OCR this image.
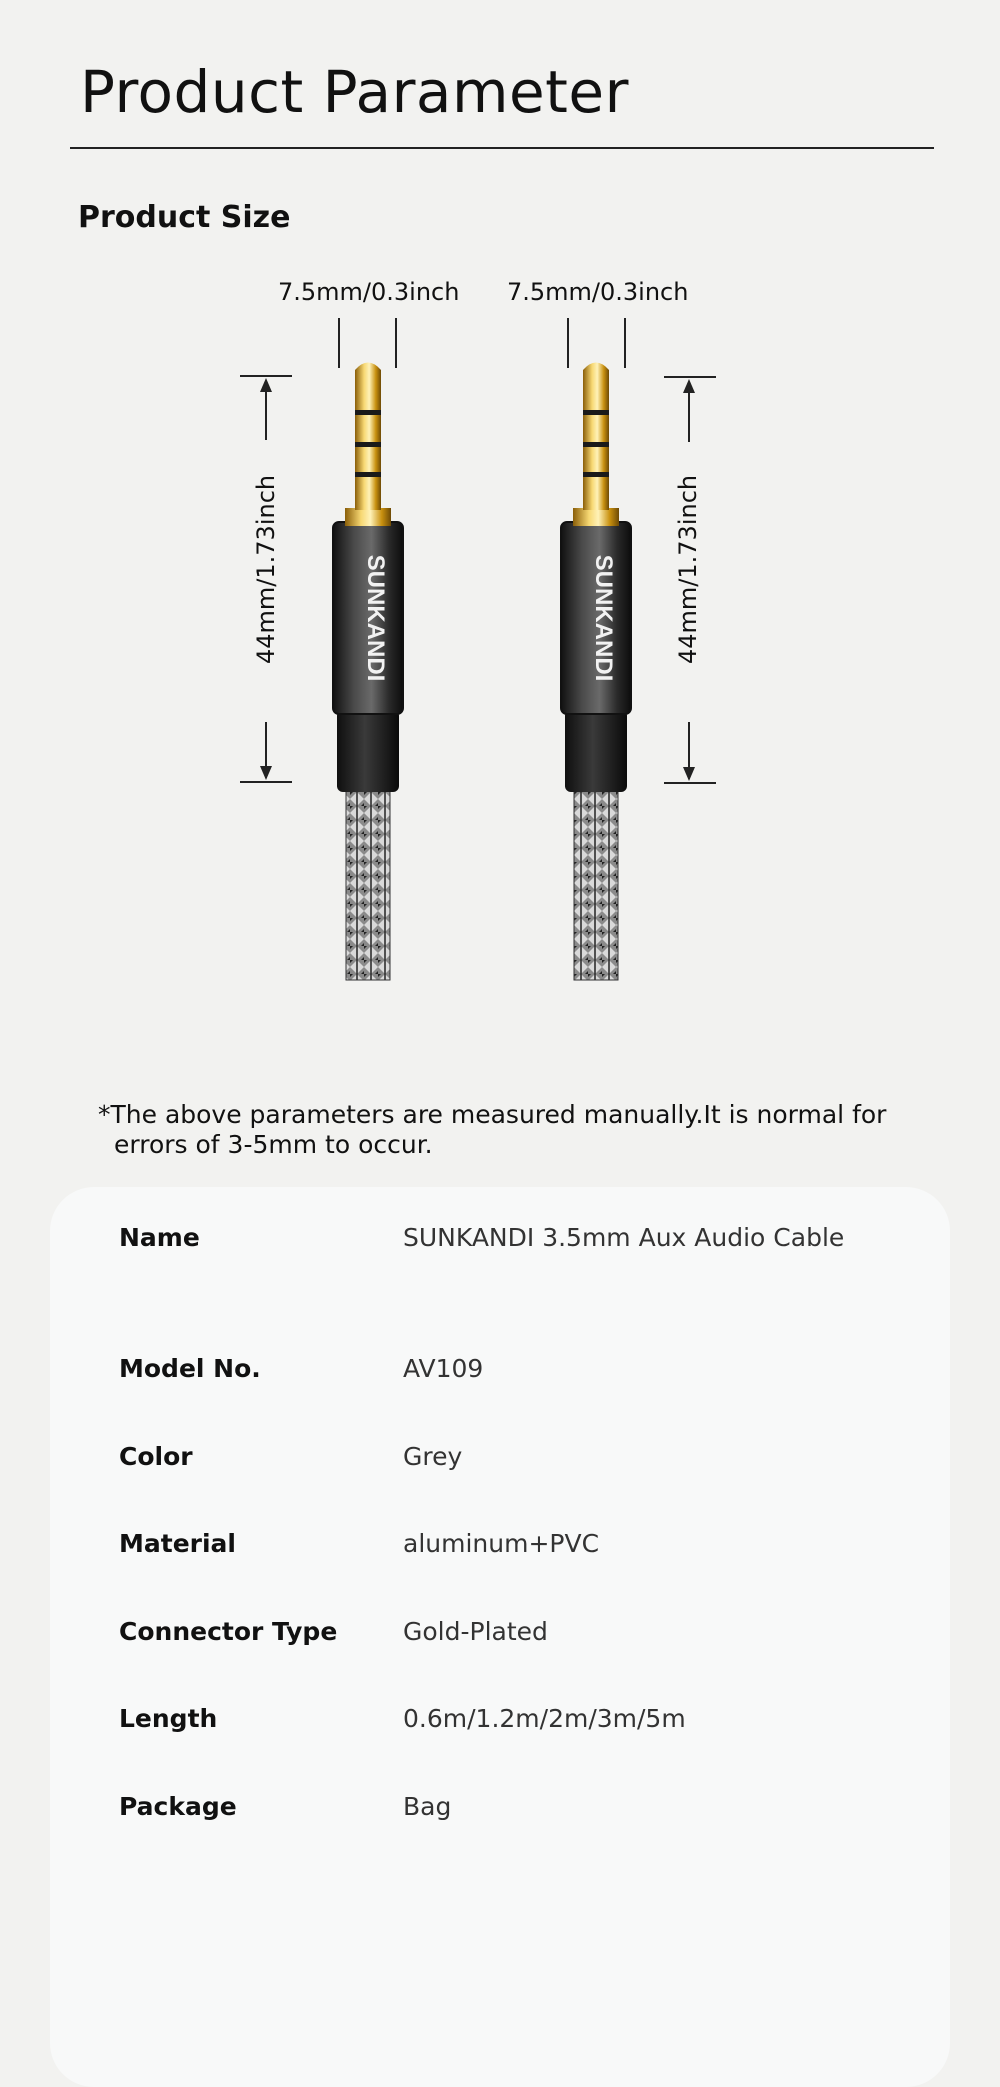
Product Parameter
Product Size
SUNKANDI	SUNKANDI
7.5mm/0.3inch 7.5mm/0.3inch
44mm/1.73inch	44mm/1.73inch
*The above parameters are measured manually.It is normal for
errors of 3-5mm to occur.
Name	SUNKANDI 3.5mm Aux Audio Cable
Model No.	AV109
Color	Grey
Material	aluminum+PVC
Connector Type	Gold-Plated
Length	0.6m/1.2m/2m/3m/5m
Package	Bag
